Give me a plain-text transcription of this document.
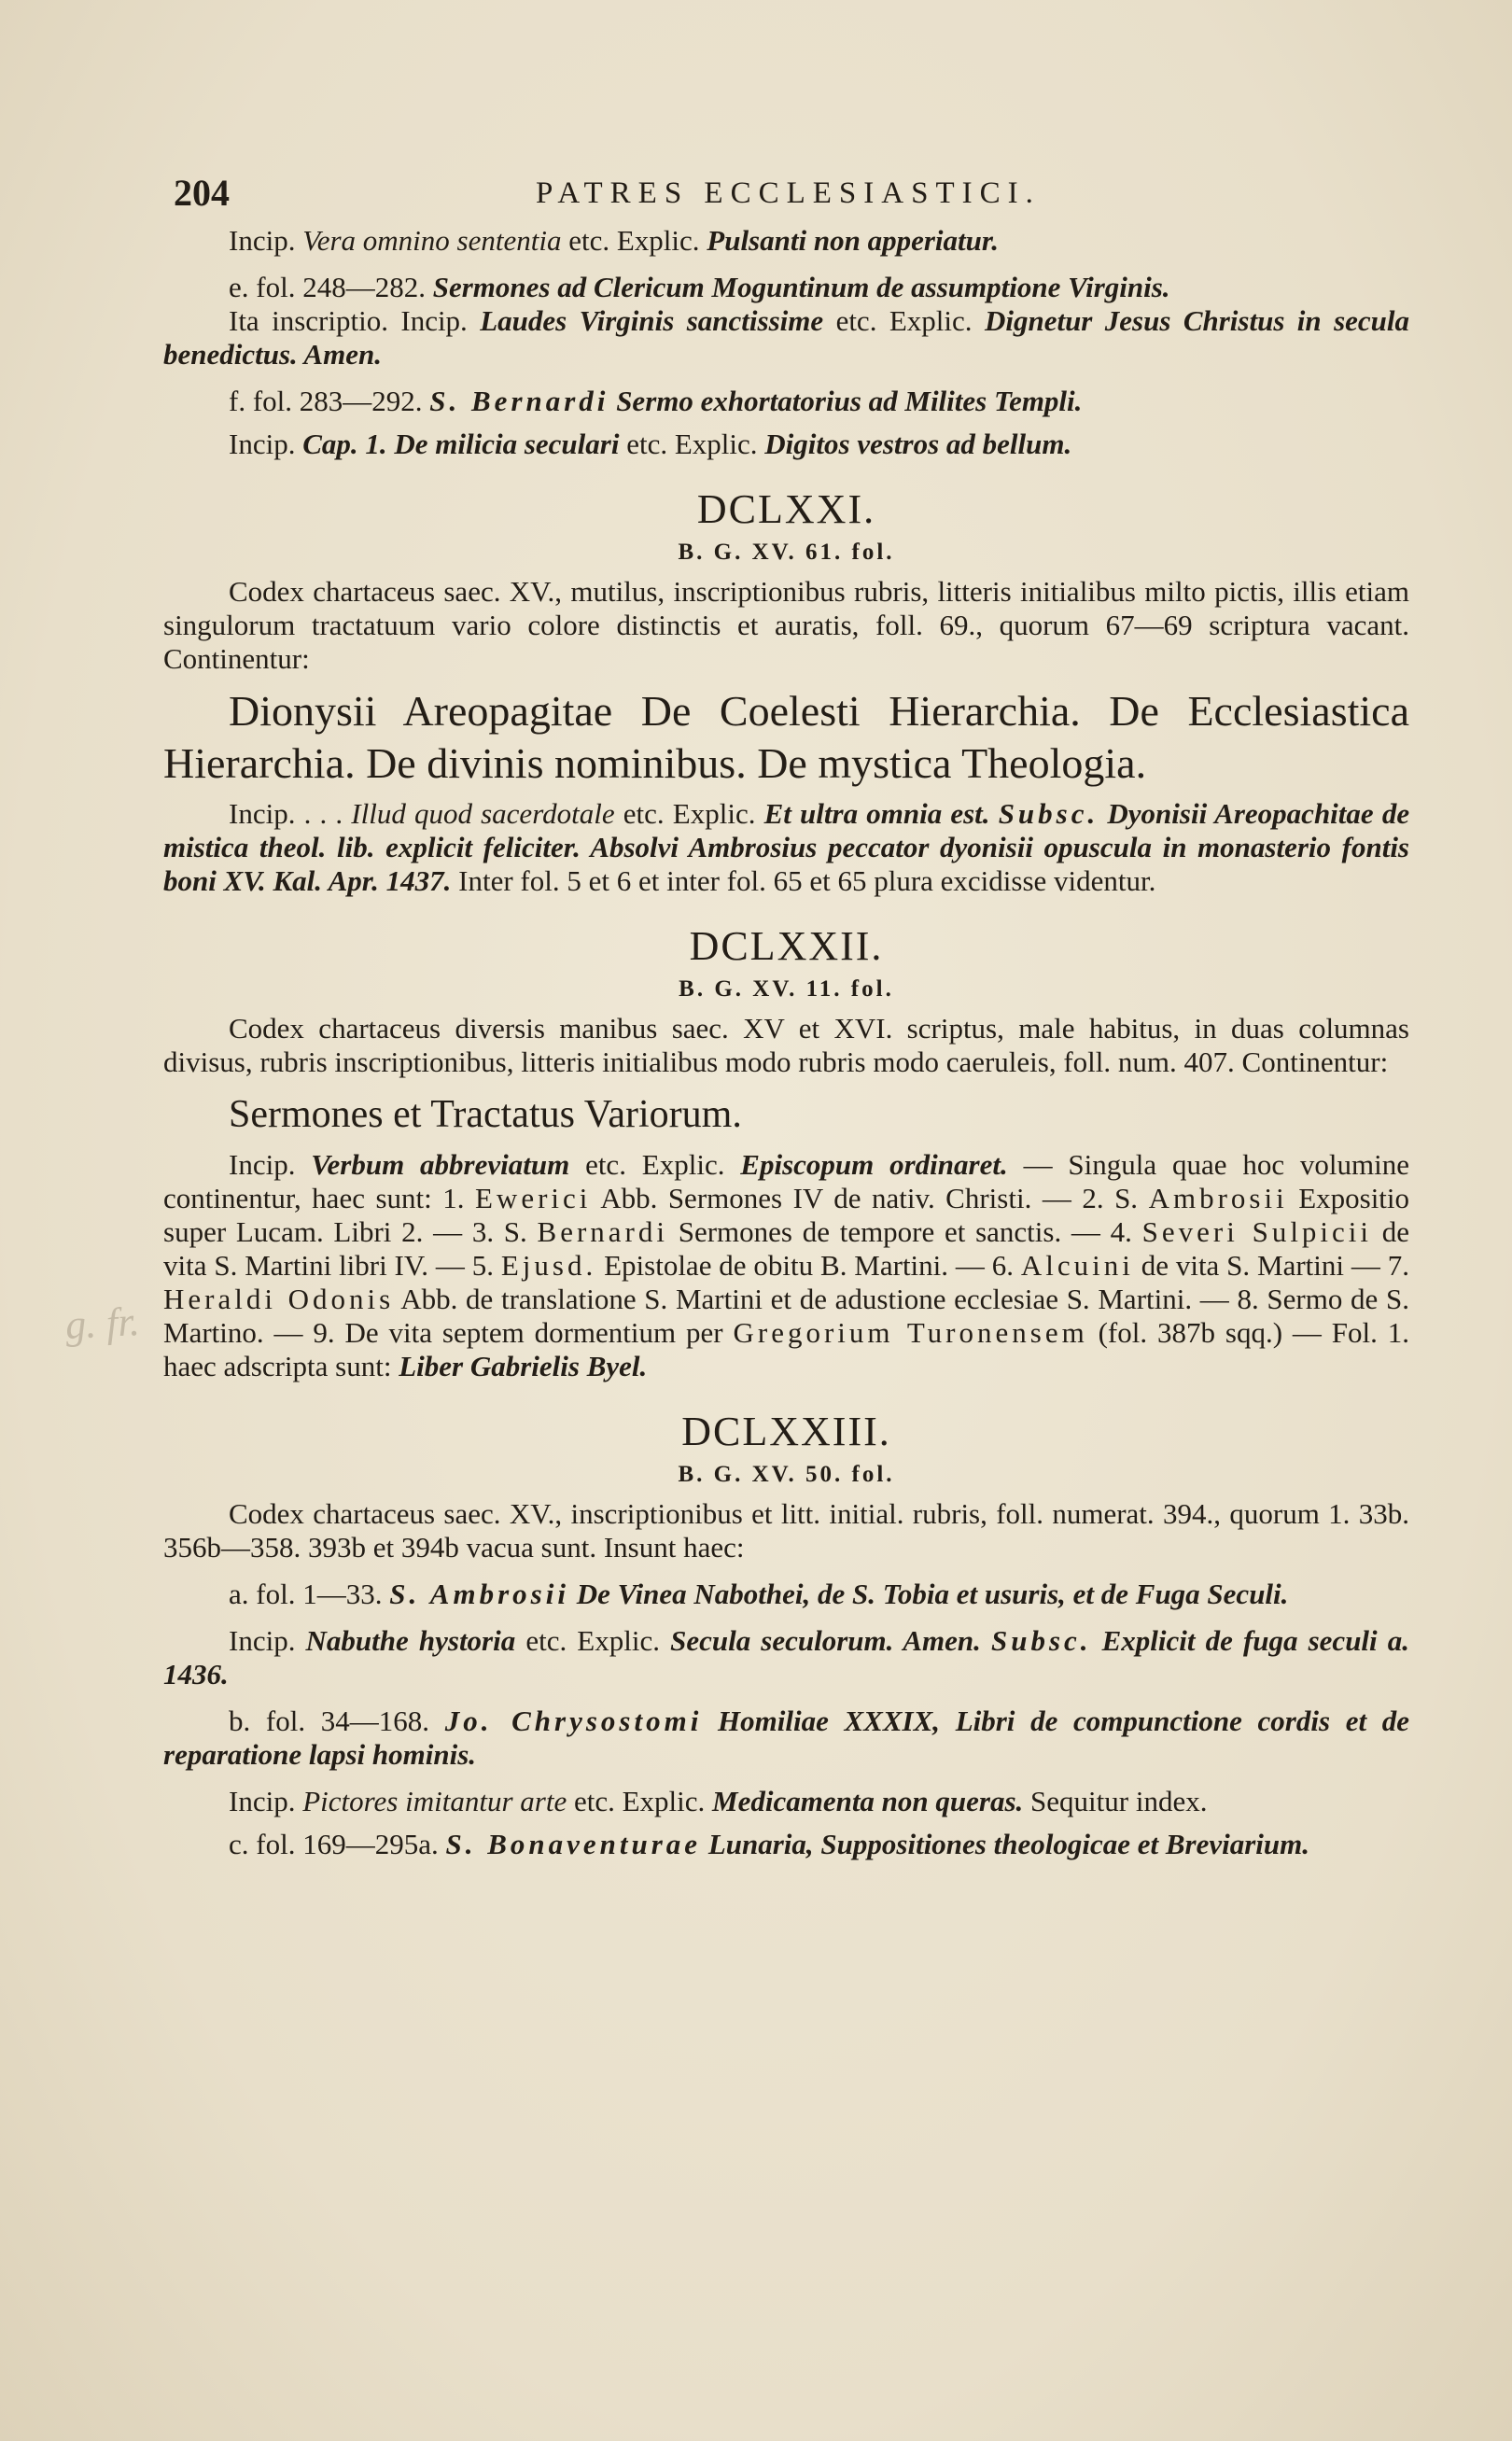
204	PATRES ECCLESIASTICI.
g. fr.

Incip. Vera omnino sententia etc. Explic. Pulsanti non apperiatur.

e. fol. 248—282. Sermones ad Clericum Moguntinum de assumptione Virginis.

Ita inscriptio. Incip. Laudes Virginis sanctissime etc. Explic. Dignetur Jesus Christus in secula benedictus. Amen.

f. fol. 283—292. S. Bernardi Sermo exhortatorius ad Milites Templi.

Incip. Cap. 1. De milicia seculari etc. Explic. Digitos vestros ad bellum.

DCLXXI.
B. G. XV. 61. fol.

Codex chartaceus saec. XV., mutilus, inscriptionibus rubris, litteris initialibus milto pictis, illis etiam singulorum tractatuum vario colore distinctis et auratis, foll. 69., quorum 67—69 scriptura vacant. Continentur:

Dionysii Areopagitae De Coelesti Hierarchia. De Ecclesiastica Hierarchia. De divinis nominibus. De mystica Theologia.

Incip. . . . Illud quod sacerdotale etc. Explic. Et ultra omnia est. Subsc. Dyonisii Areopachitae de mistica theol. lib. explicit feliciter. Absolvi Ambrosius peccator dyonisii opuscula in monasterio fontis boni XV. Kal. Apr. 1437. Inter fol. 5 et 6 et inter fol. 65 et 65 plura excidisse videntur.

DCLXXII.
B. G. XV. 11. fol.

Codex chartaceus diversis manibus saec. XV et XVI. scriptus, male habitus, in duas columnas divisus, rubris inscriptionibus, litteris initialibus modo rubris modo caeruleis, foll. num. 407. Continentur:

Sermones et Tractatus Variorum.

Incip. Verbum abbreviatum etc. Explic. Episcopum ordinaret. — Singula quae hoc volumine continentur, haec sunt: 1. Ewerici Abb. Sermones IV de nativ. Christi. — 2. S. Ambrosii Expositio super Lucam. Libri 2. — 3. S. Bernardi Sermones de tempore et sanctis. — 4. Severi Sulpicii de vita S. Martini libri IV. — 5. Ejusd. Epistolae de obitu B. Martini. — 6. Alcuini de vita S. Martini — 7. Heraldi Odonis Abb. de translatione S. Martini et de adustione ecclesiae S. Martini. — 8. Sermo de S. Martino. — 9. De vita septem dormentium per Gregorium Turonensem (fol. 387b sqq.) — Fol. 1. haec adscripta sunt: Liber Gabrielis Byel.

DCLXXIII.
B. G. XV. 50. fol.

Codex chartaceus saec. XV., inscriptionibus et litt. initial. rubris, foll. numerat. 394., quorum 1. 33b. 356b—358. 393b et 394b vacua sunt. Insunt haec:

a. fol. 1—33. S. Ambrosii De Vinea Nabothei, de S. Tobia et usuris, et de Fuga Seculi.

Incip. Nabuthe hystoria etc. Explic. Secula seculorum. Amen. Subsc. Explicit de fuga seculi a. 1436.

b. fol. 34—168. Jo. Chrysostomi Homiliae XXXIX, Libri de compunctione cordis et de reparatione lapsi hominis.

Incip. Pictores imitantur arte etc. Explic. Medicamenta non queras. Sequitur index.

c. fol. 169—295a. S. Bonaventurae Lunaria, Suppositiones theologicae et Breviarium.
